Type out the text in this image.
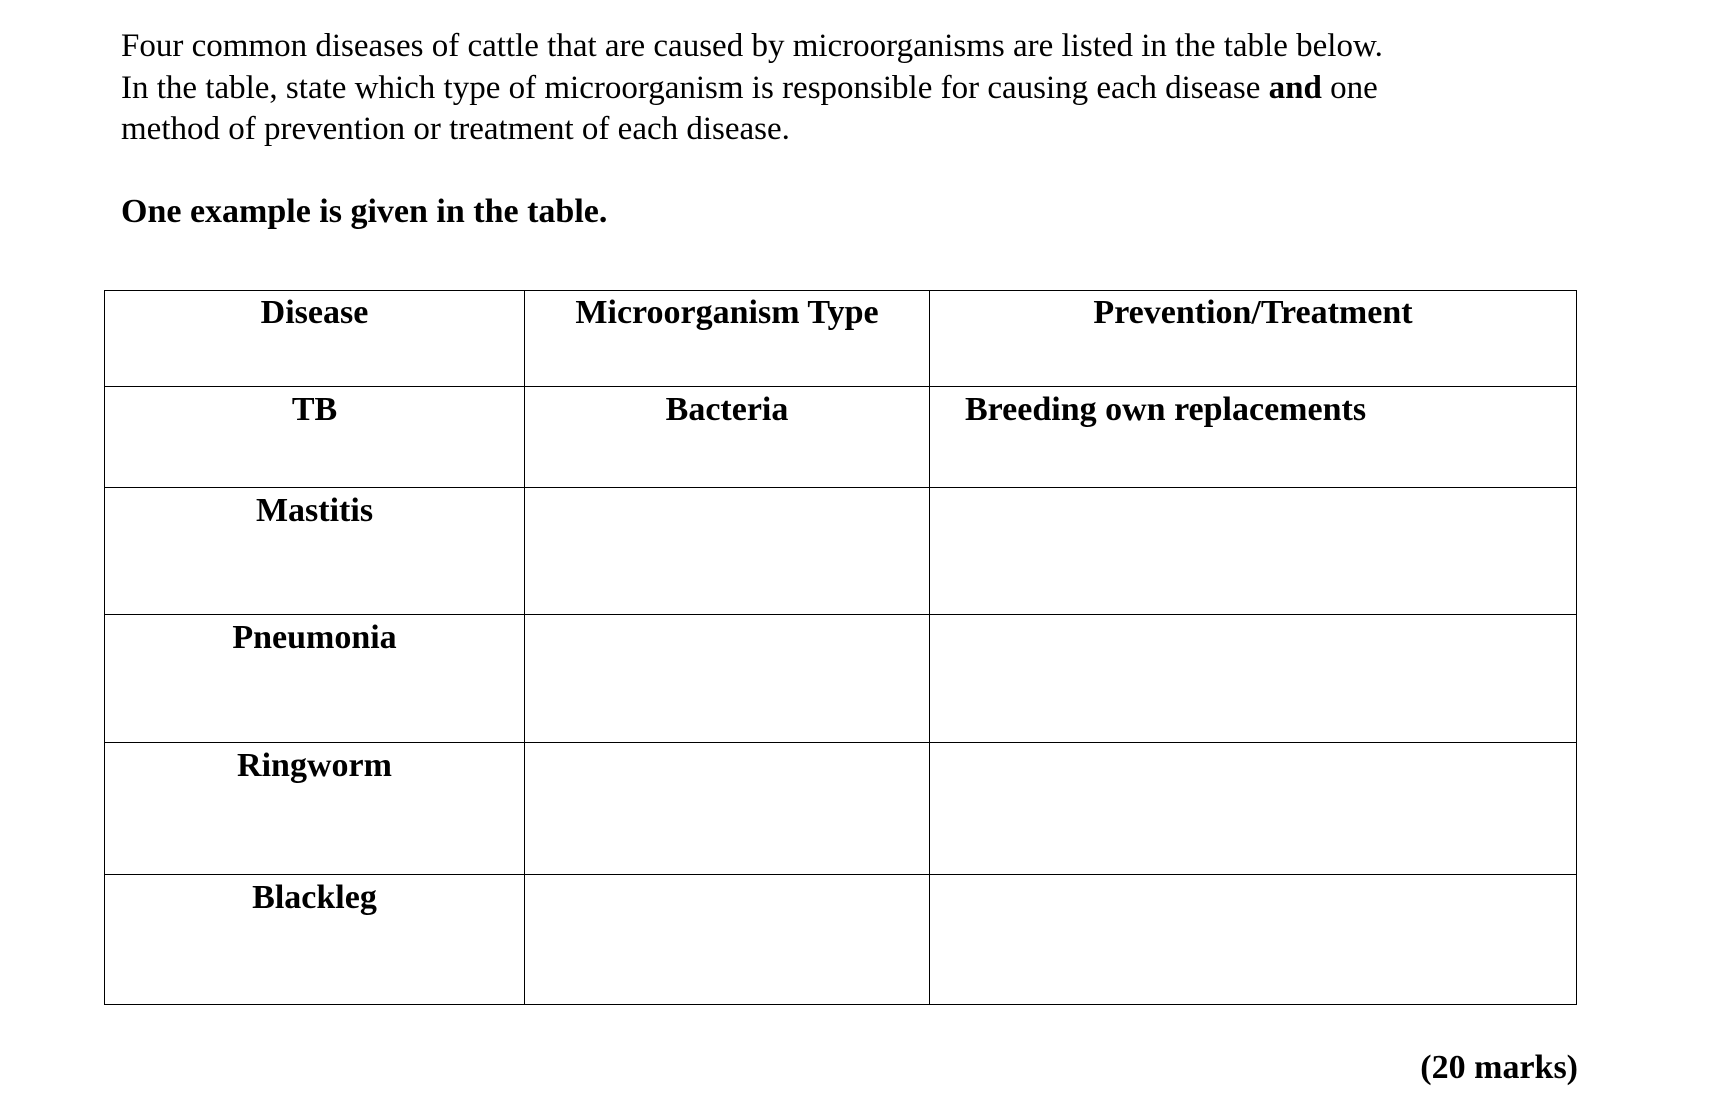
Four common diseases of cattle that are caused by microorganisms are listed in the table below.
In the table, state which type of microorganism is responsible for causing each disease and one
method of prevention or treatment of each disease.

One example is given in the table.

Disease	Microorganism Type	Prevention/Treatment
TB	Bacteria	Breeding own replacements
Mastitis		
Pneumonia		
Ringworm		
Blackleg		

(20 marks)
